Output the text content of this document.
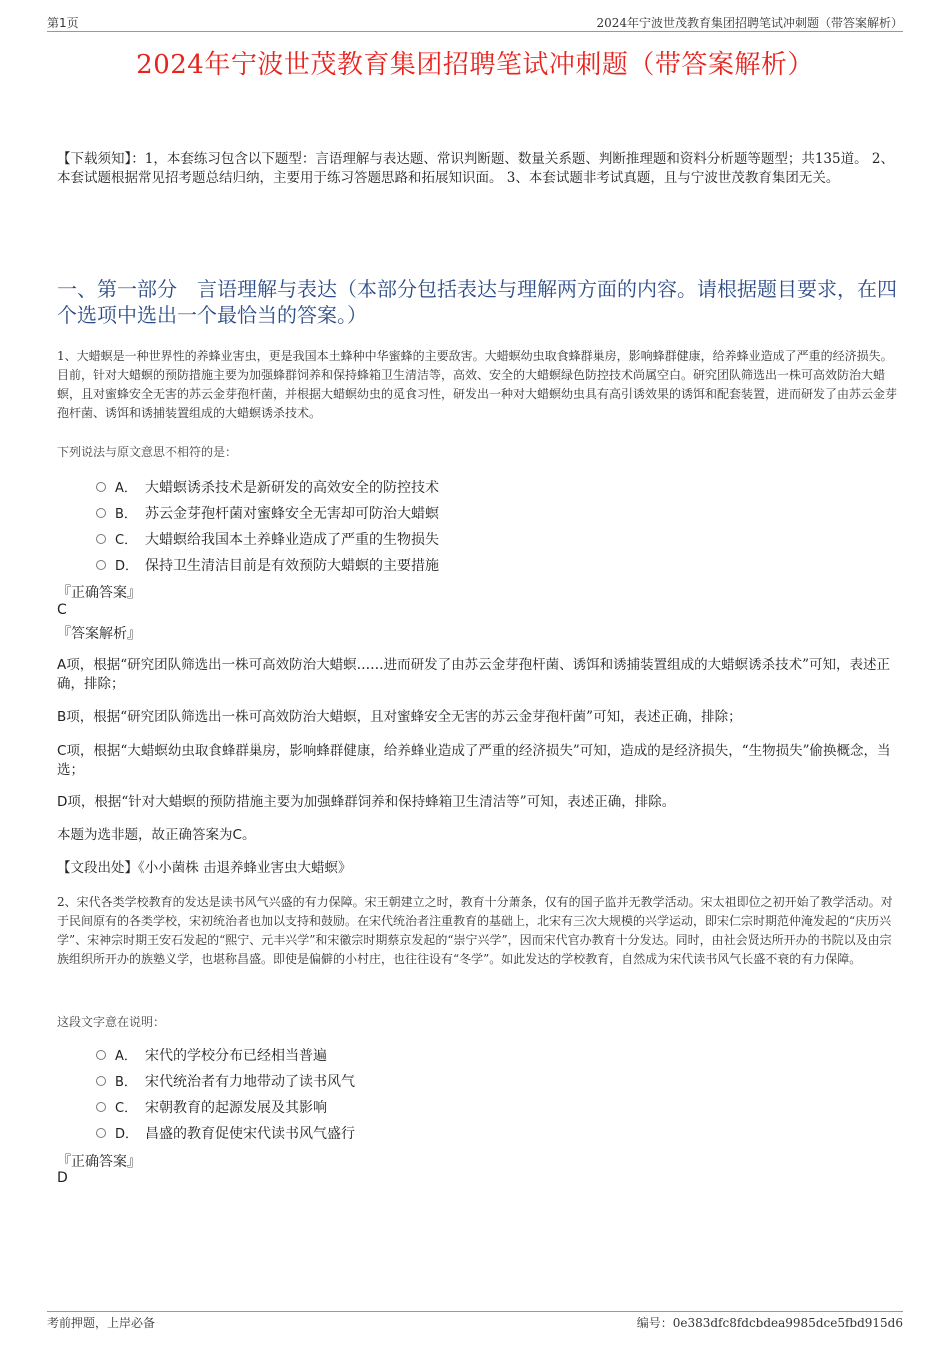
第1页	2024年宁波世茂教育集团招聘笔试冲刺题（带答案解析）
2024年宁波世茂教育集团招聘笔试冲刺题（带答案解析）
【下载须知】：1，本套练习包含以下题型：言语理解与表达题、常识判断题、数量关系题、判断推理题和资料分析题等题型；共135道。 2、本套试题根据常见招考题总结归纳，主要用于练习答题思路和拓展知识面。 3、本套试题非考试真题，且与宁波世茂教育集团无关。
一、第一部分　言语理解与表达（本部分包括表达与理解两方面的内容。请根据题目要求，在四个选项中选出一个最恰当的答案。）
1、大蜡螟是一种世界性的养蜂业害虫，更是我国本土蜂种中华蜜蜂的主要敌害。大蜡螟幼虫取食蜂群巢房，影响蜂群健康，给养蜂业造成了严重的经济损失。目前，针对大蜡螟的预防措施主要为加强蜂群饲养和保持蜂箱卫生清洁等，高效、安全的大蜡螟绿色防控技术尚属空白。研究团队筛选出一株可高效防治大蜡螟，且对蜜蜂安全无害的苏云金芽孢杆菌，并根据大蜡螟幼虫的觅食习性，研发出一种对大蜡螟幼虫具有高引诱效果的诱饵和配套装置，进而研发了由苏云金芽孢杆菌、诱饵和诱捕装置组成的大蜡螟诱杀技术。
下列说法与原文意思不相符的是：
A． 大蜡螟诱杀技术是新研发的高效安全的防控技术
B． 苏云金芽孢杆菌对蜜蜂安全无害却可防治大蜡螟
C． 大蜡螟给我国本土养蜂业造成了严重的生物损失
D． 保持卫生清洁目前是有效预防大蜡螟的主要措施
『正确答案』
C
『答案解析』
A项，根据“研究团队筛选出一株可高效防治大蜡螟……进而研发了由苏云金芽孢杆菌、诱饵和诱捕装置组成的大蜡螟诱杀技术”可知，表述正确，排除；
B项，根据“研究团队筛选出一株可高效防治大蜡螟，且对蜜蜂安全无害的苏云金芽孢杆菌”可知，表述正确，排除；
C项，根据“大蜡螟幼虫取食蜂群巢房，影响蜂群健康，给养蜂业造成了严重的经济损失”可知，造成的是经济损失，“生物损失”偷换概念，当选；
D项，根据“针对大蜡螟的预防措施主要为加强蜂群饲养和保持蜂箱卫生清洁等”可知，表述正确，排除。
本题为选非题，故正确答案为C。
【文段出处】《小小菌株 击退养蜂业害虫大蜡螟》
2、宋代各类学校教育的发达是读书风气兴盛的有力保障。宋王朝建立之时，教育十分萧条，仅有的国子监并无教学活动。宋太祖即位之初开始了教学活动。对于民间原有的各类学校，宋初统治者也加以支持和鼓励。在宋代统治者注重教育的基础上，北宋有三次大规模的兴学运动，即宋仁宗时期范仲淹发起的“庆历兴学”、宋神宗时期王安石发起的“熙宁、元丰兴学”和宋徽宗时期蔡京发起的“崇宁兴学”，因而宋代官办教育十分发达。同时，由社会贤达所开办的书院以及由宗族组织所开办的族塾义学，也堪称昌盛。即使是偏僻的小村庄，也往往设有“冬学”。如此发达的学校教育，自然成为宋代读书风气长盛不衰的有力保障。
这段文字意在说明：
A． 宋代的学校分布已经相当普遍
B． 宋代统治者有力地带动了读书风气
C． 宋朝教育的起源发展及其影响
D． 昌盛的教育促使宋代读书风气盛行
『正确答案』
D
考前押题，上岸必备	编号：0e383dfc8fdcbdea9985dce5fbd915d6
